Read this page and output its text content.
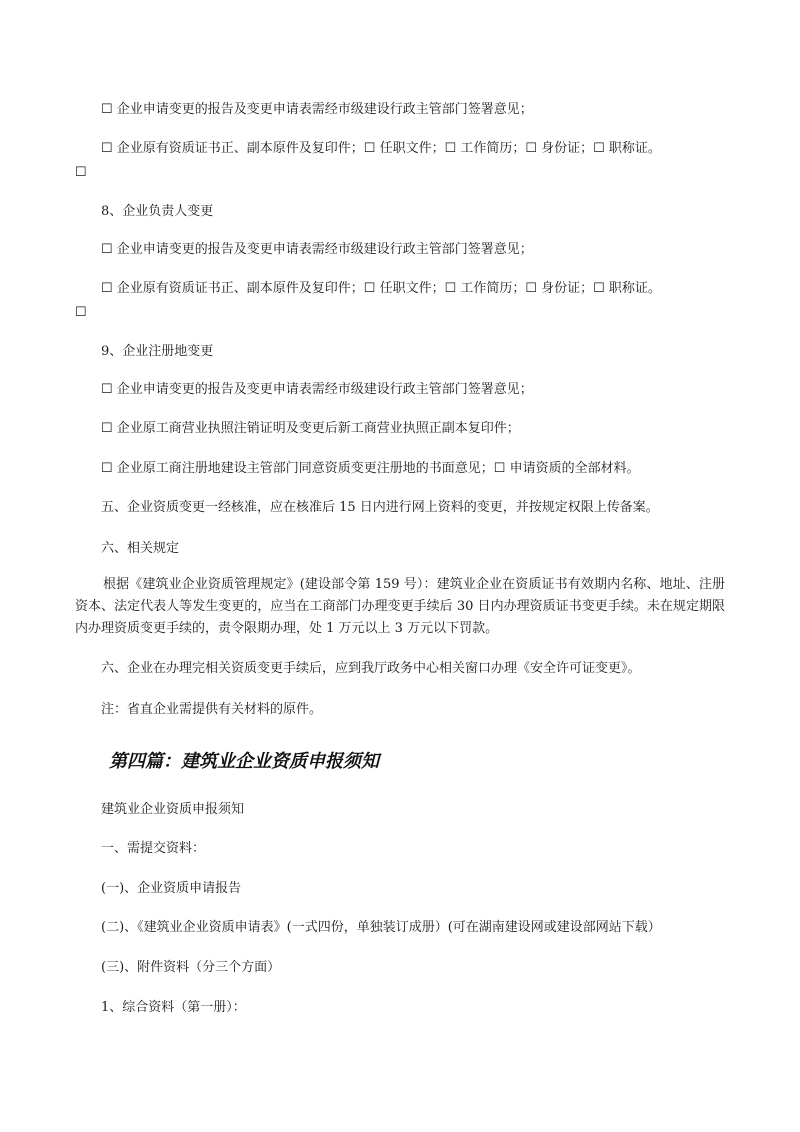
☐ 企业申请变更的报告及变更申请表需经市级建设行政主管部门签署意见；
☐ 企业原有资质证书正、副本原件及复印件；☐ 任职文件；☐ 工作简历；☐ 身份证；☐ 职称证。
☐
8、企业负责人变更
☐ 企业申请变更的报告及变更申请表需经市级建设行政主管部门签署意见；
☐ 企业原有资质证书正、副本原件及复印件；☐ 任职文件；☐ 工作简历；☐ 身份证；☐ 职称证。
☐
9、企业注册地变更
☐ 企业申请变更的报告及变更申请表需经市级建设行政主管部门签署意见；
☐ 企业原工商营业执照注销证明及变更后新工商营业执照正副本复印件；
☐ 企业原工商注册地建设主管部门同意资质变更注册地的书面意见；☐ 申请资质的全部材料。
五、企业资质变更一经核准，应在核准后 15 日内进行网上资料的变更，并按规定权限上传备案。
六、相关规定
根据《建筑业企业资质管理规定》(建设部令第 159 号）：建筑业企业在资质证书有效期内名称、地址、注册资本、法定代表人等发生变更的，应当在工商部门办理变更手续后 30 日内办理资质证书变更手续。未在规定期限内办理资质变更手续的，责令限期办理，处 1 万元以上 3 万元以下罚款。
六、企业在办理完相关资质变更手续后，应到我厅政务中心相关窗口办理《安全许可证变更》。
注：省直企业需提供有关材料的原件。
第四篇：建筑业企业资质申报须知
建筑业企业资质申报须知
一、需提交资料：
(一)、企业资质申请报告
(二)、《建筑业企业资质申请表》(一式四份，单独装订成册）(可在湖南建设网或建设部网站下载）
(三)、附件资料（分三个方面）
1、综合资料（第一册）：
